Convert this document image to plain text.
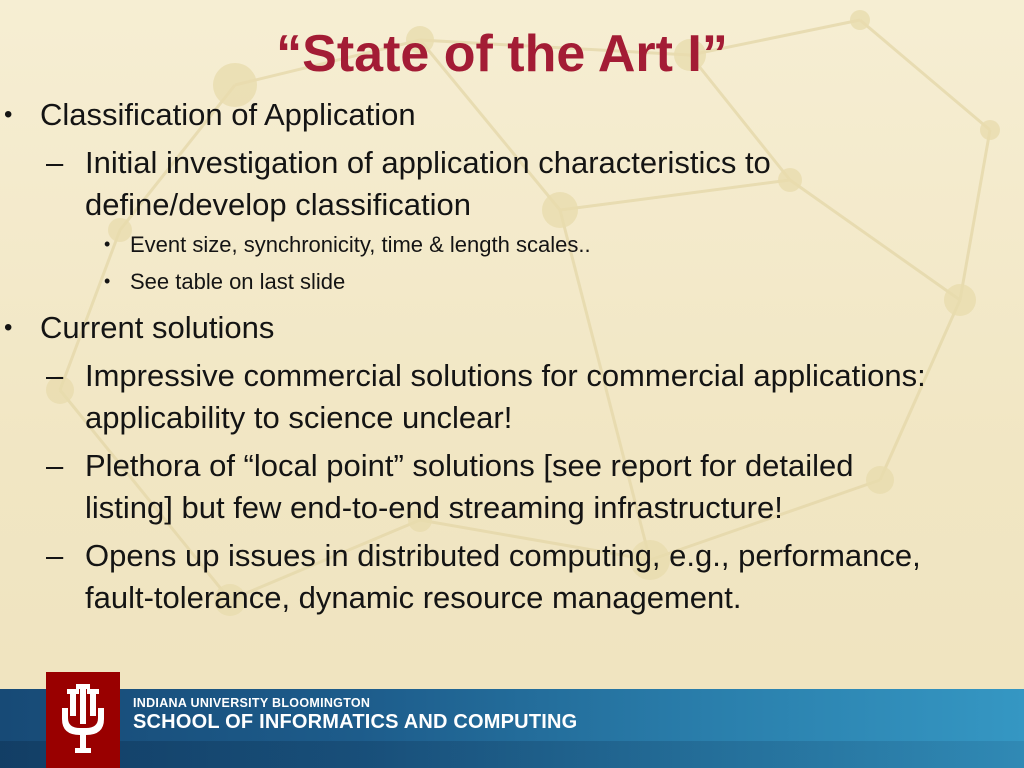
“State of the Art I”

• Classification of Application

– Initial investigation of application characteristics to define/develop classification

• Event size, synchronicity, time & length scales..

• See table on last slide

• Current solutions

– Impressive commercial solutions for commercial applications: applicability to science unclear!

– Plethora of “local point” solutions [see report for detailed listing] but few end-to-end streaming infrastructure!

– Opens up issues in distributed computing, e.g., performance, fault-tolerance, dynamic resource management.

INDIANA UNIVERSITY BLOOMINGTON
SCHOOL OF INFORMATICS AND COMPUTING
